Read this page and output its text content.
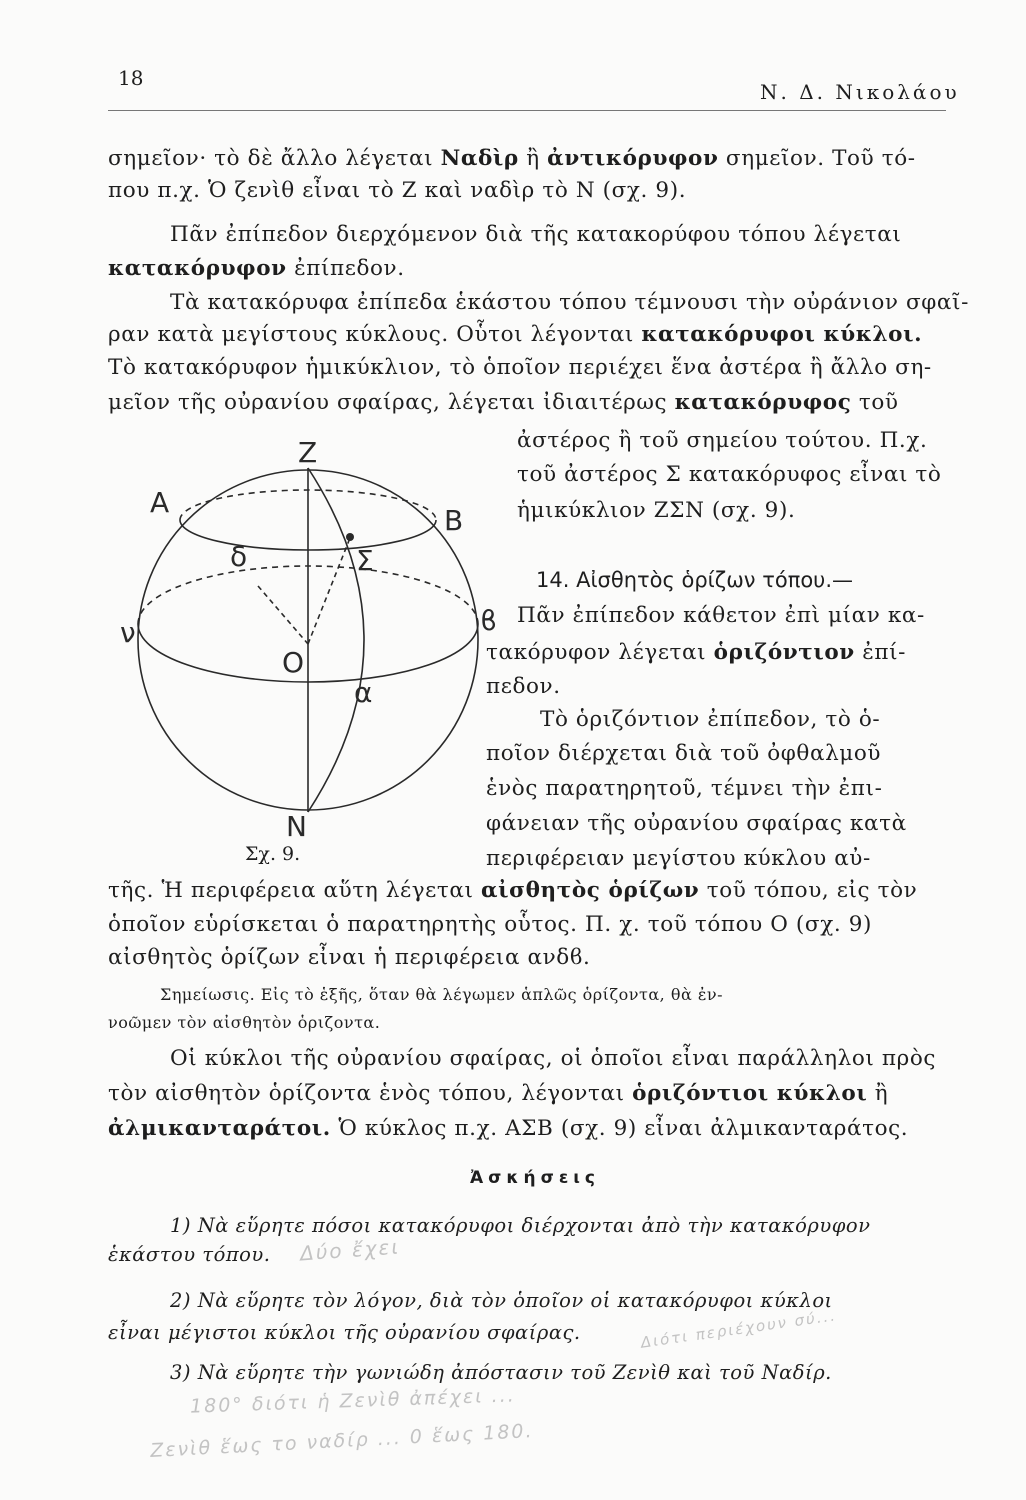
18
Ν. Δ. Νικολάου
σημεῖον· τὸ δὲ ἄλλο λέγεται Ναδὶρ ἢ ἀντικόρυφον σημεῖον. Τοῦ τό-
που π.χ. Ὁ ζενὶθ εἶναι τὸ Ζ καὶ ναδὶρ τὸ Ν (σχ. 9).
Πᾶν ἐπίπεδον διερχόμενον διὰ τῆς κατακορύφου τόπου λέγεται
κατακόρυφον ἐπίπεδον.
Τὰ κατακόρυφα ἐπίπεδα ἑκάστου τόπου τέμνουσι τὴν οὐράνιον σφαῖ-
ραν κατὰ μεγίστους κύκλους. Οὗτοι λέγονται κατακόρυφοι κύκλοι.
Τὸ κατακόρυφον ἡμικύκλιον, τὸ ὁποῖον περιέχει ἕνα ἀστέρα ἢ ἄλλο ση-
μεῖον τῆς οὐρανίου σφαίρας, λέγεται ἰδιαιτέρως κατακόρυφος τοῦ
ἀστέρος ἢ τοῦ σημείου τούτου. Π.χ.
τοῦ ἀστέρος Σ κατακόρυφος εἶναι τὸ
ἡμικύκλιον ΖΣΝ (σχ. 9).
14. Αἰσθητὸς ὁρίζων τόπου.—
Πᾶν ἐπίπεδον κάθετον ἐπὶ μίαν κα-
τακόρυφον λέγεται ὁριζόντιον ἐπί-
πεδον.
Τὸ ὁριζόντιον ἐπίπεδον, τὸ ὁ-
ποῖον διέρχεται διὰ τοῦ ὀφθαλμοῦ
ἑνὸς παρατηρητοῦ, τέμνει τὴν ἐπι-
φάνειαν τῆς οὐρανίου σφαίρας κατὰ
περιφέρειαν μεγίστου κύκλου αὐ-
τῆς. Ἡ περιφέρεια αὕτη λέγεται αἰσθητὸς ὁρίζων τοῦ τόπου, εἰς τὸν
ὁποῖον εὑρίσκεται ὁ παρατηρητὴς οὗτος. Π. χ. τοῦ τόπου Ο (σχ. 9)
αἰσθητὸς ὁρίζων εἶναι ἡ περιφέρεια ανδϐ.
Σημείωσις. Εἰς τὸ ἑξῆς, ὅταν θὰ λέγωμεν ἁπλῶς ὁρίζοντα, θὰ ἐν-
νοῶμεν τὸν αἰσθητὸν ὁριζοντα.
Οἱ κύκλοι τῆς οὐρανίου σφαίρας, οἱ ὁποῖοι εἶναι παράλληλοι πρὸς
τὸν αἰσθητὸν ὁρίζοντα ἑνὸς τόπου, λέγονται ὁριζόντιοι κύκλοι ἢ
ἀλμικανταράτοι. Ὁ κύκλος π.χ. ΑΣΒ (σχ. 9) εἶναι ἀλμικανταράτος.
Ἀσκήσεις
1) Νὰ εὕρητε πόσοι κατακόρυφοι διέρχονται ἀπὸ τὴν κατακόρυφον
ἑκάστου τόπου.
2) Νὰ εὕρητε τὸν λόγον, διὰ τὸν ὁποῖον οἱ κατακόρυφοι κύκλοι
εἶναι μέγιστοι κύκλοι τῆς οὐρανίου σφαίρας.
3) Νὰ εὕρητε τὴν γωνιώδη ἀπόστασιν τοῦ Ζενὶθ καὶ τοῦ Ναδίρ.
Δύο ἔχει
Διότι περιέχουν σύ...
180° διότι ἡ Ζενὶθ ἀπέχει ...
Ζενὶθ ἕως το ναδίρ ... 0 ἕως 180.
Z
N
A
B
Σ
δ
ν	ϐ
O
α
Σχ. 9.
